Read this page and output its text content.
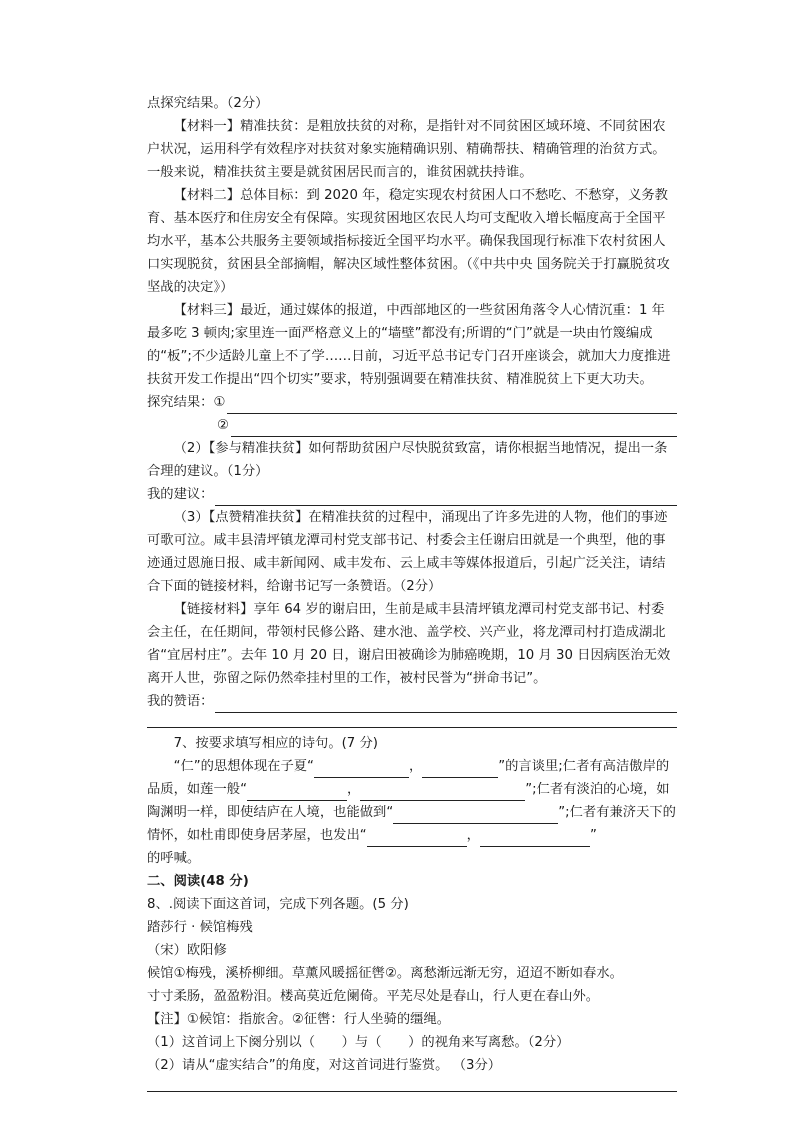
点探究结果。（2分）

【材料一】精准扶贫：是粗放扶贫的对称，是指针对不同贫困区域环境、不同贫困农户状况，运用科学有效程序对扶贫对象实施精确识别、精确帮扶、精确管理的治贫方式。一般来说，精准扶贫主要是就贫困居民而言的，谁贫困就扶持谁。

【材料二】总体目标：到 2020 年，稳定实现农村贫困人口不愁吃、不愁穿，义务教育、基本医疗和住房安全有保障。实现贫困地区农民人均可支配收入增长幅度高于全国平均水平，基本公共服务主要领域指标接近全国平均水平。确保我国现行标准下农村贫困人口实现脱贫，贫困县全部摘帽，解决区域性整体贫困。（《中共中央 国务院关于打赢脱贫攻坚战的决定》）

【材料三】最近，通过媒体的报道，中西部地区的一些贫困角落令人心情沉重：1 年最多吃 3 顿肉;家里连一面严格意义上的“墙壁”都没有;所谓的“门”就是一块由竹篾编成的“板”;不少适龄儿童上不了学……日前，习近平总书记专门召开座谈会，就加大力度推进扶贫开发工作提出“四个切实”要求，特别强调要在精准扶贫、精准脱贫上下更大功夫。

探究结果：①
②

（2）【参与精准扶贫】如何帮助贫困户尽快脱贫致富，请你根据当地情况，提出一条合理的建议。（1分）

我的建议：

（3）【点赞精准扶贫】在精准扶贫的过程中，涌现出了许多先进的人物，他们的事迹可歌可泣。咸丰县清坪镇龙潭司村党支部书记、村委会主任谢启田就是一个典型，他的事迹通过恩施日报、咸丰新闻网、咸丰发布、云上咸丰等媒体报道后，引起广泛关注，请结合下面的链接材料，给谢书记写一条赞语。（2分）

【链接材料】享年 64 岁的谢启田，生前是咸丰县清坪镇龙潭司村党支部书记、村委会主任，在任期间，带领村民修公路、建水池、盖学校、兴产业，将龙潭司村打造成湖北省“宜居村庄”。去年 10 月 20 日，谢启田被确诊为肺癌晚期，10 月 30 日因病医治无效离开人世，弥留之际仍然牵挂村里的工作，被村民誉为“拼命书记”。

我的赞语：

7、按要求填写相应的诗句。(7 分)

“仁”的思想体现在子夏“	，	”的言谈里;仁者有高洁傲岸的品质，如莲一般“	，	”;仁者有淡泊的心境，如陶渊明一样，即使结庐在人境，也能做到“	”;仁者有兼济天下的情怀，如杜甫即使身居茅屋，也发出“	，	”
的呼喊。

二、阅读(48 分)

8、.阅读下面这首词，完成下列各题。(5 分)

踏莎行 · 候馆梅残

（宋）欧阳修

候馆①梅残，溪桥柳细。草薰风暖摇征辔②。离愁渐远渐无穷，迢迢不断如春水。

寸寸柔肠，盈盈粉泪。楼高莫近危阑倚。平芜尽处是春山，行人更在春山外。

【注】①候馆：指旅舍。②征辔：行人坐骑的缰绳。

（1）这首词上下阕分别以（　　）与（　　）的视角来写离愁。（2分）

（2）请从“虚实结合”的角度，对这首词进行鉴赏。 （3分）
